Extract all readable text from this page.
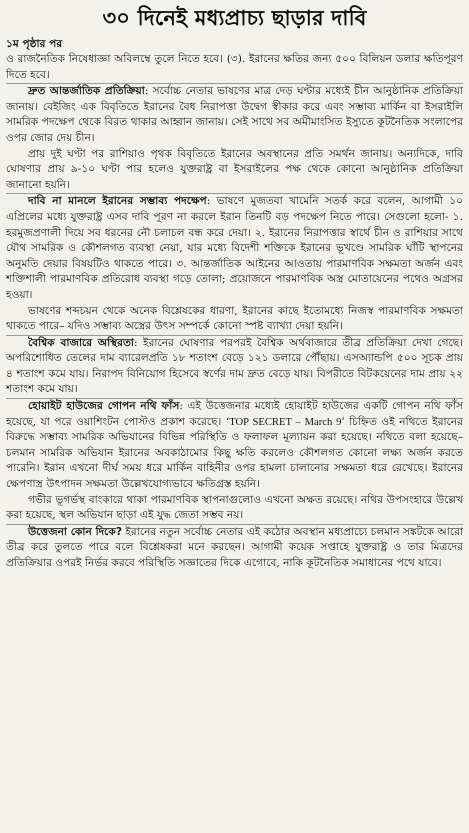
৩০ দিনেই মধ্যপ্রাচ্য ছাড়ার দাবি
১ম পৃষ্ঠার পর

ও রাজনৈতিক নিষেধাজ্ঞা অবিলম্বে তুলে নিতে হবে। (৩). ইরানের ক্ষতির জন্য ৫০০ বিলিয়ন ডলার ক্ষতিপূরণ দিতে হবে।

দ্রুত আন্তর্জাতিক প্রতিক্রিয়া: সর্বোচ্চ নেতার ভাষণের মাত্র দেড় ঘণ্টার মধ্যেই চীন আনুষ্ঠানিক প্রতিক্রিয়া জানায়। বেইজিং এক বিবৃতিতে ইরানের বৈধ নিরাপত্তা উদ্বেগ স্বীকার করে এবং সম্ভাব্য মার্কিন বা ইসরাইলি সামরিক পদক্ষেপ থেকে বিরত থাকার আহ্বান জানায়। সেই সাথে সব অমীমাংসিত ইস্যুতে কূটনৈতিক সংলাপের ওপর জোর দেয় চীন।

প্রায় দুই ঘণ্টা পর রাশিয়াও পৃথক বিবৃতিতে ইরানের অবস্থানের প্রতি সমর্থন জানায়। অন্যদিকে, দাবি ঘোষণার প্রায় ৯-১০ ঘণ্টা পার হলেও যুক্তরাষ্ট্র বা ইসরাইলের পক্ষ থেকে কোনো আনুষ্ঠানিক প্রতিক্রিয়া জানানো হয়নি।

দাবি না মানলে ইরানের সম্ভাব্য পদক্ষেপ: ভাষণে মুজতবা খামেনি সতর্ক করে বলেন, আগামী ১০ এপ্রিলের মধ্যে যুক্তরাষ্ট্র এসব দাবি পূরণ না করলে ইরান তিনটি বড় পদক্ষেপ নিতে পারে। সেগুলো হলো- ১. হরমুজপ্রণালী দিয়ে সব ধরনের নৌ চলাচল বন্ধ করে দেয়া। ২. ইরানের নিরাপত্তার স্বার্থে চীন ও রাশিয়ার সাথে যৌথ সামরিক ও কৌশলগত ব্যবস্থা নেয়া, যার মধ্যে বিদেশী শক্তিকে ইরানের ভূখণ্ডে সামরিক ঘাঁটি স্থাপনের অনুমতি দেয়ার বিষয়টিও থাকতে পারে। ৩. আন্তর্জাতিক আইনের আওতায় পারমাণবিক সক্ষমতা অর্জন এবং শক্তিশালী পারমাণবিক প্রতিরোধ ব্যবস্থা গড়ে তোলা; প্রয়োজনে পারমাণবিক অস্ত্র মোতায়েনের পথেও অগ্রসর হওয়া।

ভাষণের শব্দচয়ন থেকে অনেক বিশ্লেষকের ধারণা, ইরানের কাছে ইতোমধ্যে নিজস্ব পারমাণবিক সক্ষমতা থাকতে পারে– যদিও সম্ভাব্য অস্ত্রের উৎস সম্পর্কে কোনো স্পষ্ট ব্যাখ্যা দেয়া হয়নি।

বৈশ্বিক বাজারে অস্থিরতা: ইরানের ঘোষণার পরপরই বৈশ্বিক অর্থবাজারে তীব্র প্রতিক্রিয়া দেখা গেছে। অপরিশোধিত তেলের দাম ব্যারেলপ্রতি ১৮ শতাংশ বেড়ে ১২১ ডলারে পৌঁছায়। এসঅ্যান্ডপি ৫০০ সূচক প্রায় ৪ শতাংশ কমে যায়। নিরাপদ বিনিয়োগ হিসেবে স্বর্ণের দাম দ্রুত বেড়ে যায়। বিপরীতে বিটকয়েনের দাম প্রায় ২২ শতাংশ কমে যায়।

হোয়াইট হাউজের গোপন নথি ফাঁস: এই উত্তেজনার মধ্যেই হোয়াইট হাউজের একটি গোপন নথি ফাঁস হয়েছে, যা পরে ওয়াশিংটন পোস্টও প্রকাশ করেছে। ‘TOP SECRET – March 9’ চিহ্নিত ওই নথিতে ইরানের বিরুদ্ধে সম্ভাব্য সামরিক অভিযানের বিভিন্ন পরিস্থিতি ও ফলাফল মূল্যায়ন করা হয়েছে। নথিতে বলা হয়েছে– চলমান সামরিক অভিযান ইরানের অবকাঠামোর কিছু ক্ষতি করলেও কৌশলগত কোনো লক্ষ্য অর্জন করতে পারেনি। ইরান এখনো দীর্ঘ সময় ধরে মার্কিন বাহিনীর ওপর হামলা চালানোর সক্ষমতা ধরে রেখেছে। ইরানের ক্ষেপণাস্ত্র উৎপাদন সক্ষমতা উল্লেখযোগ্যভাবে ক্ষতিগ্রস্ত হয়নি।

গভীর ভূগর্ভস্থ বাংকারে থাকা পারমাণবিক স্থাপনাগুলোও এখনো অক্ষত রয়েছে। নথির উপসংহারে উল্লেখ করা হয়েছে, স্থল অভিযান ছাড়া এই যুদ্ধ জেতা সম্ভব নয়।

উত্তেজনা কোন দিকে? ইরানের নতুন সর্বোচ্চ নেতার এই কঠোর অবস্থান মধ্যপ্রাচ্যে চলমান সঙ্কটকে আরো তীব্র করে তুলতে পারে বলে বিশ্লেষকরা মনে করছেন। আগামী কয়েক সপ্তাহে যুক্তরাষ্ট্র ও তার মিত্রদের প্রতিক্রিয়ার ওপরই নির্ভর করবে পরিস্থিতি সজ্ঞাতের দিকে এগোবে, নাকি কূটনৈতিক সমাধানের পথে যাবে।
